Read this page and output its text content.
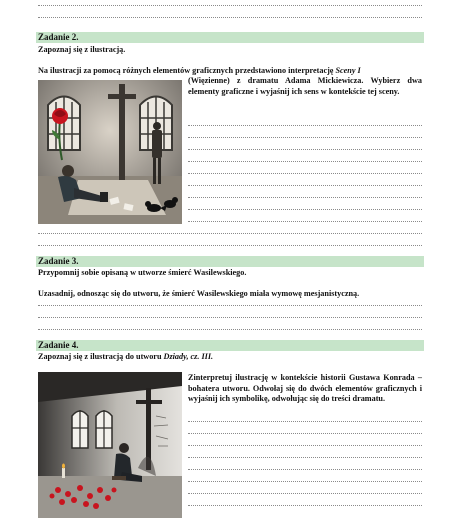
Zadanie 2.
Zapoznaj się z ilustracją.
Na ilustracji za pomocą różnych elementów graficznych przedstawiono interpretację Sceny I
(Więzienne) z dramatu Adama Mickiewicza. Wybierz dwa elementy graficzne i wyjaśnij ich sens w kontekście tej sceny.
Zadanie 3.
Przypomnij sobie opisaną w utworze śmierć Wasilewskiego.
Uzasadnij, odnosząc się do utworu, że śmierć Wasilewskiego miała wymowę mesjanistyczną.
Zadanie 4.
Zapoznaj się z ilustracją do utworu Dziady, cz. III.
Zinterpretuj ilustrację w kontekście historii Gustawa Konrada – bohatera utworu. Odwołaj się do dwóch elementów graficznych i wyjaśnij ich symbolikę, odwołując się do treści dramatu.
